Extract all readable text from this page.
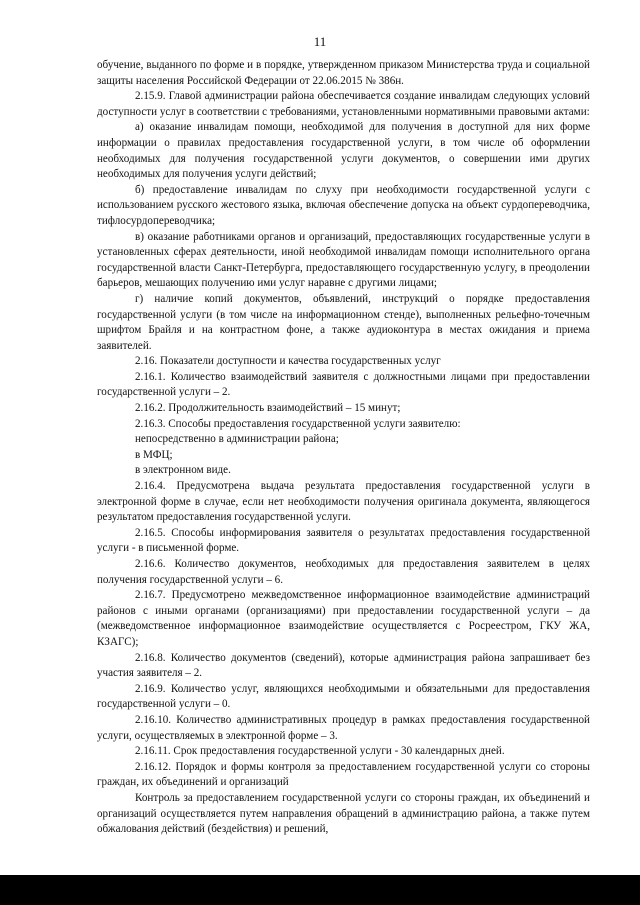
11

обучение, выданного по форме и в порядке, утвержденном приказом Министерства труда и социальной защиты населения Российской Федерации от 22.06.2015 № 386н.

2.15.9. Главой администрации района обеспечивается создание инвалидам следующих условий доступности услуг в соответствии с требованиями, установленными нормативными правовыми актами:

а) оказание инвалидам помощи, необходимой для получения в доступной для них форме информации о правилах предоставления государственной услуги, в том числе об оформлении необходимых для получения государственной услуги документов, о совершении ими других необходимых для получения услуги действий;

б) предоставление инвалидам по слуху при необходимости государственной услуги с использованием русского жестового языка, включая обеспечение допуска на объект сурдопереводчика, тифлосурдопереводчика;

в) оказание работниками органов и организаций, предоставляющих государственные услуги в установленных сферах деятельности, иной необходимой инвалидам помощи исполнительного органа государственной власти Санкт-Петербурга, предоставляющего государственную услугу, в преодолении барьеров, мешающих получению ими услуг наравне с другими лицами;

г) наличие копий документов, объявлений, инструкций о порядке предоставления государственной услуги (в том числе на информационном стенде), выполненных рельефно-точечным шрифтом Брайля и на контрастном фоне, а также аудиоконтура в местах ожидания и приема заявителей.

2.16. Показатели доступности и качества государственных услуг

2.16.1. Количество взаимодействий заявителя с должностными лицами при предоставлении государственной услуги – 2.

2.16.2. Продолжительность взаимодействий – 15 минут;

2.16.3. Способы предоставления государственной услуги заявителю:

непосредственно в администрации района;

в МФЦ;

в электронном виде.

2.16.4. Предусмотрена выдача результата предоставления государственной услуги в электронной форме в случае, если нет необходимости получения оригинала документа, являющегося результатом предоставления государственной услуги.

2.16.5. Способы информирования заявителя о результатах предоставления государственной услуги - в письменной форме.

2.16.6. Количество документов, необходимых для предоставления заявителем в целях получения государственной услуги – 6.

2.16.7. Предусмотрено межведомственное информационное взаимодействие администраций районов с иными органами (организациями) при предоставлении государственной услуги – да (межведомственное информационное взаимодействие осуществляется с Росреестром, ГКУ ЖА, КЗАГС);

2.16.8. Количество документов (сведений), которые администрация района запрашивает без участия заявителя – 2.

2.16.9. Количество услуг, являющихся необходимыми и обязательными для предоставления государственной услуги – 0.

2.16.10. Количество административных процедур в рамках предоставления государственной услуги, осуществляемых в электронной форме – 3.

2.16.11. Срок предоставления государственной услуги - 30 календарных дней.

2.16.12. Порядок и формы контроля за предоставлением государственной услуги со стороны граждан, их объединений и организаций

Контроль за предоставлением государственной услуги со стороны граждан, их объединений и организаций осуществляется путем направления обращений в администрацию района, а также путем обжалования действий (бездействия) и решений,
